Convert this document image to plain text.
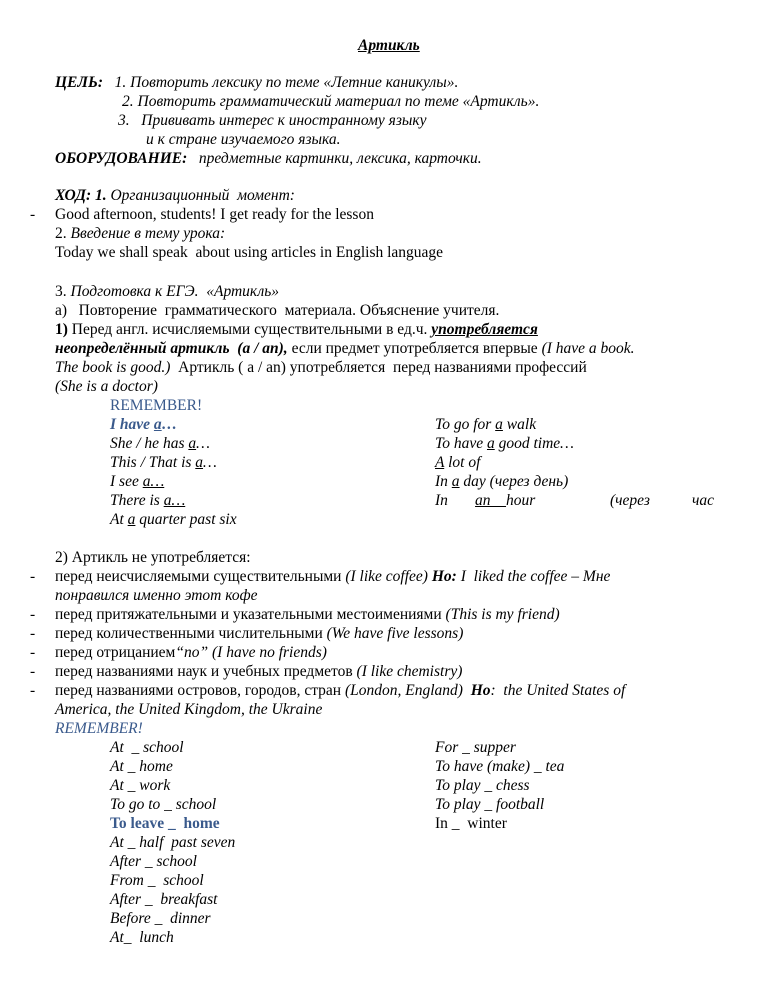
Артикль
ЦЕЛЬ: 1. Повторить лексику по теме «Летние каникулы».
2. Повторить грамматический материал по теме «Артикль».
3.   Прививать интерес к иностранному языку
и к стране изучаемого языка.
ОБОРУДОВАНИЕ: предметные картинки, лексика, карточки.
ХОД: 1. Организационный  момент:
- Good afternoon, students! I get ready for the lesson
2. Введение в тему урока:
Today we shall speak  about using articles in English language
3. Подготовка к ЕГЭ.  «Артикль»
а)   Повторение  грамматического  материала. Объяснение учителя.
1) Перед англ. исчисляемыми существительными в ед.ч. употребляется
неопределённый артикль  (a / an), если предмет употребляется впервые (I have a book.
The book is good.)  Артикль ( a / an) употребляется  перед названиями профессий
(She is a doctor)
REMEMBER!
I have a…
She / he has a…
This / That is a…
I see a…
There is a…
At a quarter past six
To go for a walk
To have a good time…
A lot of
In a day (через день)
In       an    hour	(через	час
2) Артикль не употребляется:
- перед неисчисляемыми существительными (I like coffee) Но: I  liked the coffee – Мне
понравился именно этот кофе
- перед притяжательными и указательными местоимениями (This is my friend)
- перед количественными числительными (We have five lessons)
- перед отрицанием“no” (I have no friends)
- перед названиями наук и учебных предметов (I like chemistry)
- перед названиями островов, городов, стран (London, England)  Но:  the United States of
America, the United Kingdom, the Ukraine
REMEMBER!
At  _ school
At _ home
At _ work
To go to _ school
To leave _  home
At _ half  past seven
After _ school
From _  school
After _  breakfast
Before _  dinner
At_  lunch
For _ supper
To have (make) _ tea
To play _ chess
To play _ football
In _  winter
